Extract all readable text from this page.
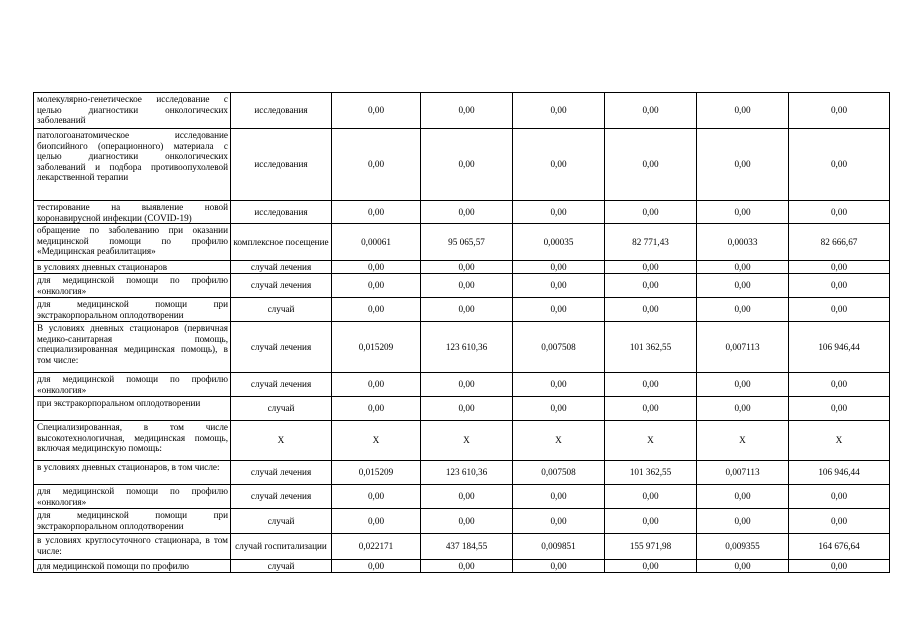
молекулярно-генетическое исследование с целью диагностики онкологических заболеваний	исследования	0,00	0,00	0,00	0,00	0,00	0,00
патологоанатомическое исследование биопсийного (операционного) материала с целью диагностики онкологических заболеваний и подбора противоопухолевой лекарственной терапии	исследования	0,00	0,00	0,00	0,00	0,00	0,00
тестирование на выявление новой коронавирусной инфекции (COVID-19)	исследования	0,00	0,00	0,00	0,00	0,00	0,00
обращение по заболеванию при оказании медицинской помощи по профилю «Медицинская реабилитация»	комплексное посещение	0,00061	95 065,57	0,00035	82 771,43	0,00033	82 666,67
в условиях дневных стационаров	случай лечения	0,00	0,00	0,00	0,00	0,00	0,00
для медицинской помощи по профилю «онкология»	случай лечения	0,00	0,00	0,00	0,00	0,00	0,00
для медицинской помощи при экстракорпоральном оплодотворении	случай	0,00	0,00	0,00	0,00	0,00	0,00
В условиях дневных стационаров (первичная медико-санитарная помощь, специализированная медицинская помощь), в том числе:	случай лечения	0,015209	123 610,36	0,007508	101 362,55	0,007113	106 946,44
для медицинской помощи по профилю «онкология»	случай лечения	0,00	0,00	0,00	0,00	0,00	0,00
при экстракорпоральном оплодотворении	случай	0,00	0,00	0,00	0,00	0,00	0,00
Специализированная, в том числе высокотехнологичная, медицинская помощь, включая медицинскую помощь:	X	X	X	X	X	X	X
в условиях дневных стационаров, в том числе:	случай лечения	0,015209	123 610,36	0,007508	101 362,55	0,007113	106 946,44
для медицинской помощи по профилю «онкология»	случай лечения	0,00	0,00	0,00	0,00	0,00	0,00
для медицинской помощи при экстракорпоральном оплодотворении	случай	0,00	0,00	0,00	0,00	0,00	0,00
в условиях круглосуточного стационара, в том числе:	случай госпитализации	0,022171	437 184,55	0,009851	155 971,98	0,009355	164 676,64
для медицинской помощи по профилю	случай	0,00	0,00	0,00	0,00	0,00	0,00
